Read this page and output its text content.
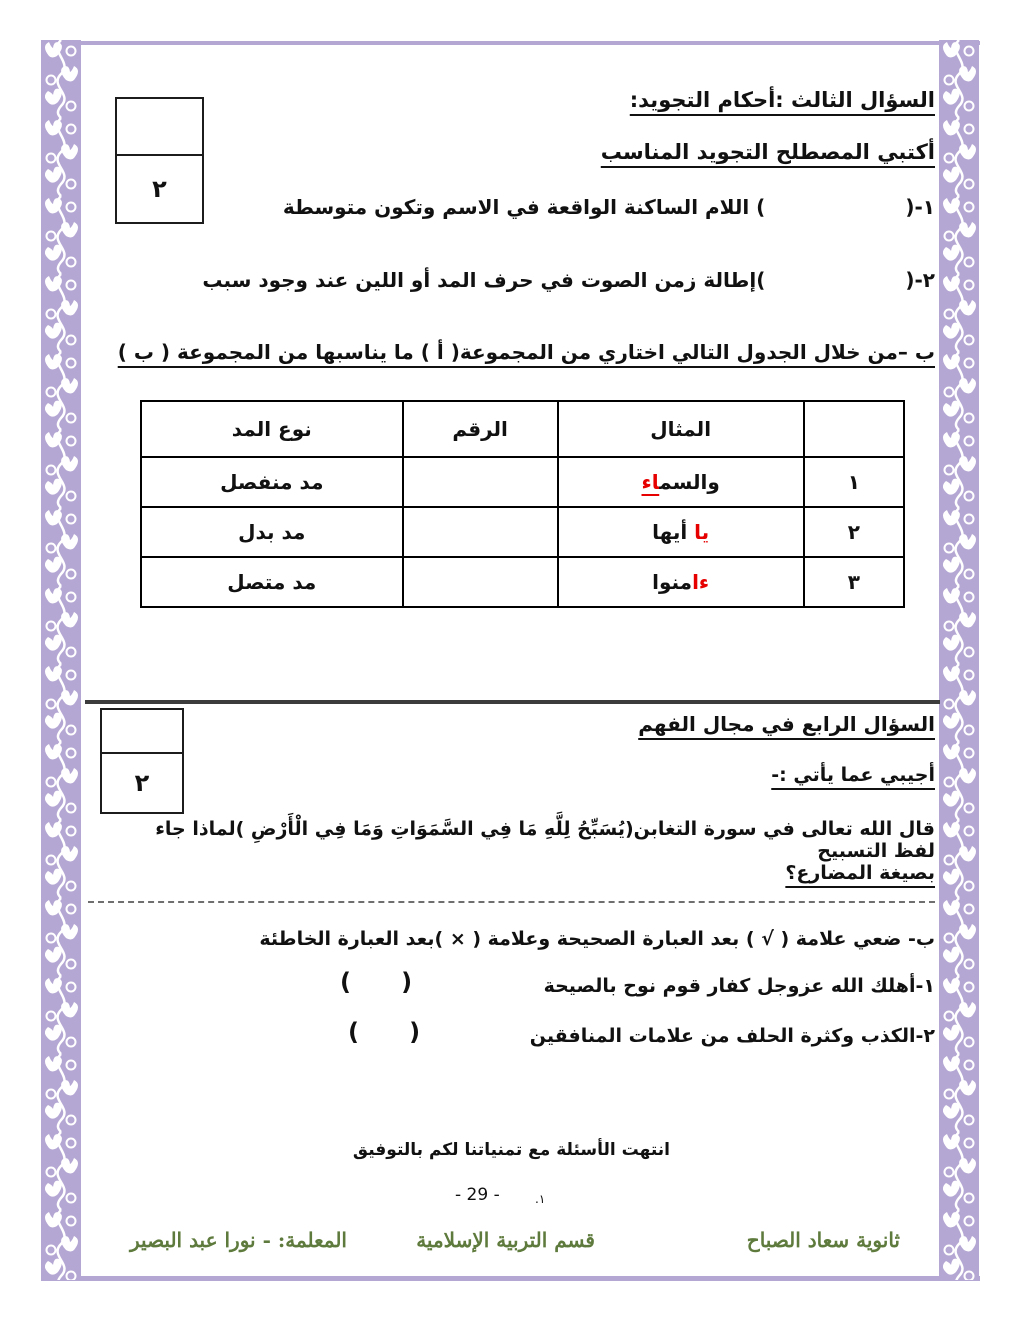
٢
السؤال الثالث :أحكام التجويد:
أكتبي المصطلح التجويد المناسب
١-() اللام الساكنة الواقعة في الاسم وتكون متوسطة
٢-()إطالة زمن الصوت في حرف المد أو اللين عند وجود سبب
ب –من خلال الجدول التالي اختاري من المجموعة( أ ) ما يناسبها من المجموعة ( ب )
	المثال	الرقم	نوع المد
١	والسم‍‍اء		مد منفصل
٢	يا أيها		مد بدل
٣	ءامنوا		مد متصل
٢
السؤال الرابع في مجال الفهم
أجيبي عما يأتي :-
قال الله تعالى في سورة التغابن(يُسَبِّحُ لِلَّهِ مَا فِي السَّمَوَاتِ وَمَا فِي الْأَرْضِ )لماذا جاء لفظ التسبيح
بصيغة المضارع؟
ب- ضعي علامة ( √ ) بعد العبارة الصحيحة وعلامة ( × )بعد العبارة الخاطئة
١-أهلك الله عزوجل كفار قوم نوح بالصيحة
(      )
٢-الكذب وكثرة الحلف من علامات المنافقين
(      )
انتهت الأسئلة مع تمنياتنا لكم بالتوفيق
- 29 -	١.
ثانوية سعاد الصباح
قسم التربية الإسلامية
المعلمة: - نورا عبد البصير
